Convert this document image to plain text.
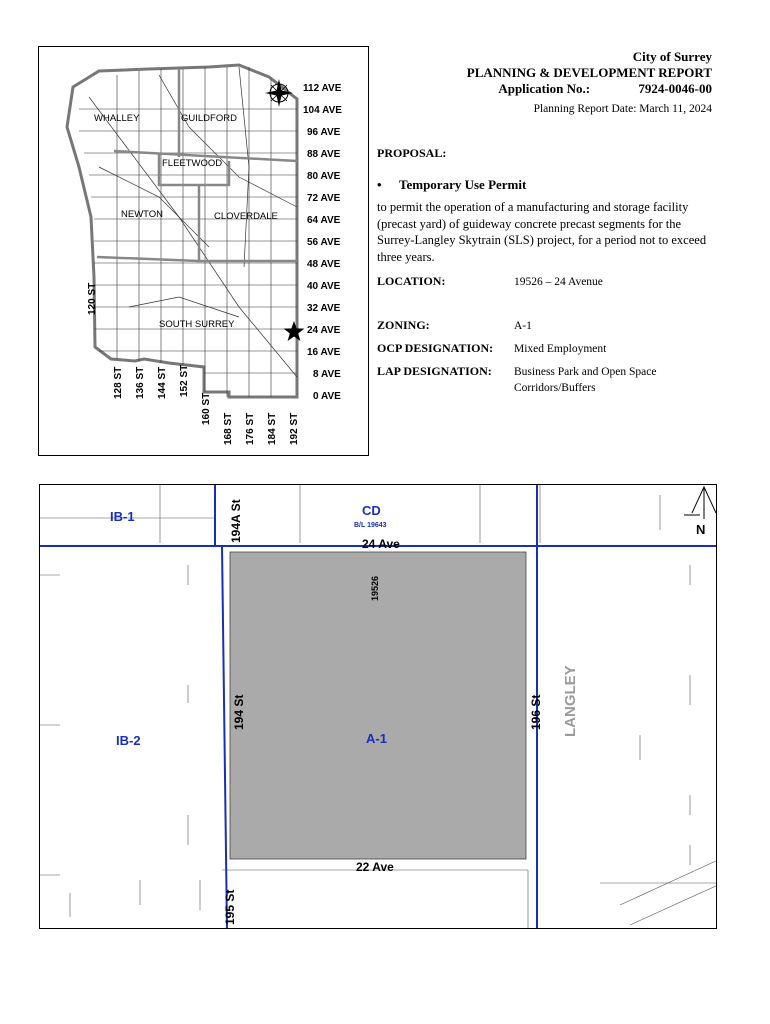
WHALLEY	GUILDFORD
FLEETWOOD
NEWTON	CLOVERDALE
SOUTH SURREY
112 AVE
104 AVE
96 AVE
88 AVE
80 AVE
72 AVE
64 AVE
56 AVE
48 AVE
40 AVE
32 AVE
24 AVE
16 AVE
8 AVE
0 AVE
120 ST
128 ST 136 ST 144 ST 152 ST
160 ST
168 ST 176 ST 184 ST 192 ST
City of Surrey
PLANNING & DEVELOPMENT REPORT
Application No.:	7924-0046-00
Planning Report Date: March 11, 2024
PROPOSAL:
• Temporary Use Permit
to permit the operation of a manufacturing and storage facility (precast yard) of guideway concrete precast segments for the Surrey-Langley Skytrain (SLS) project, for a period not to exceed three years.
LOCATION:	19526 – 24 Avenue
ZONING:	A-1
OCP DESIGNATION: Mixed Employment
LAP DESIGNATION: Business Park and Open Space Corridors/Buffers
IB-1	CD
B/L 19643
IB-2	A-1
24 Ave
22 Ave
194A St
194 St
195 St
196 St
19526
LANGLEY
N
